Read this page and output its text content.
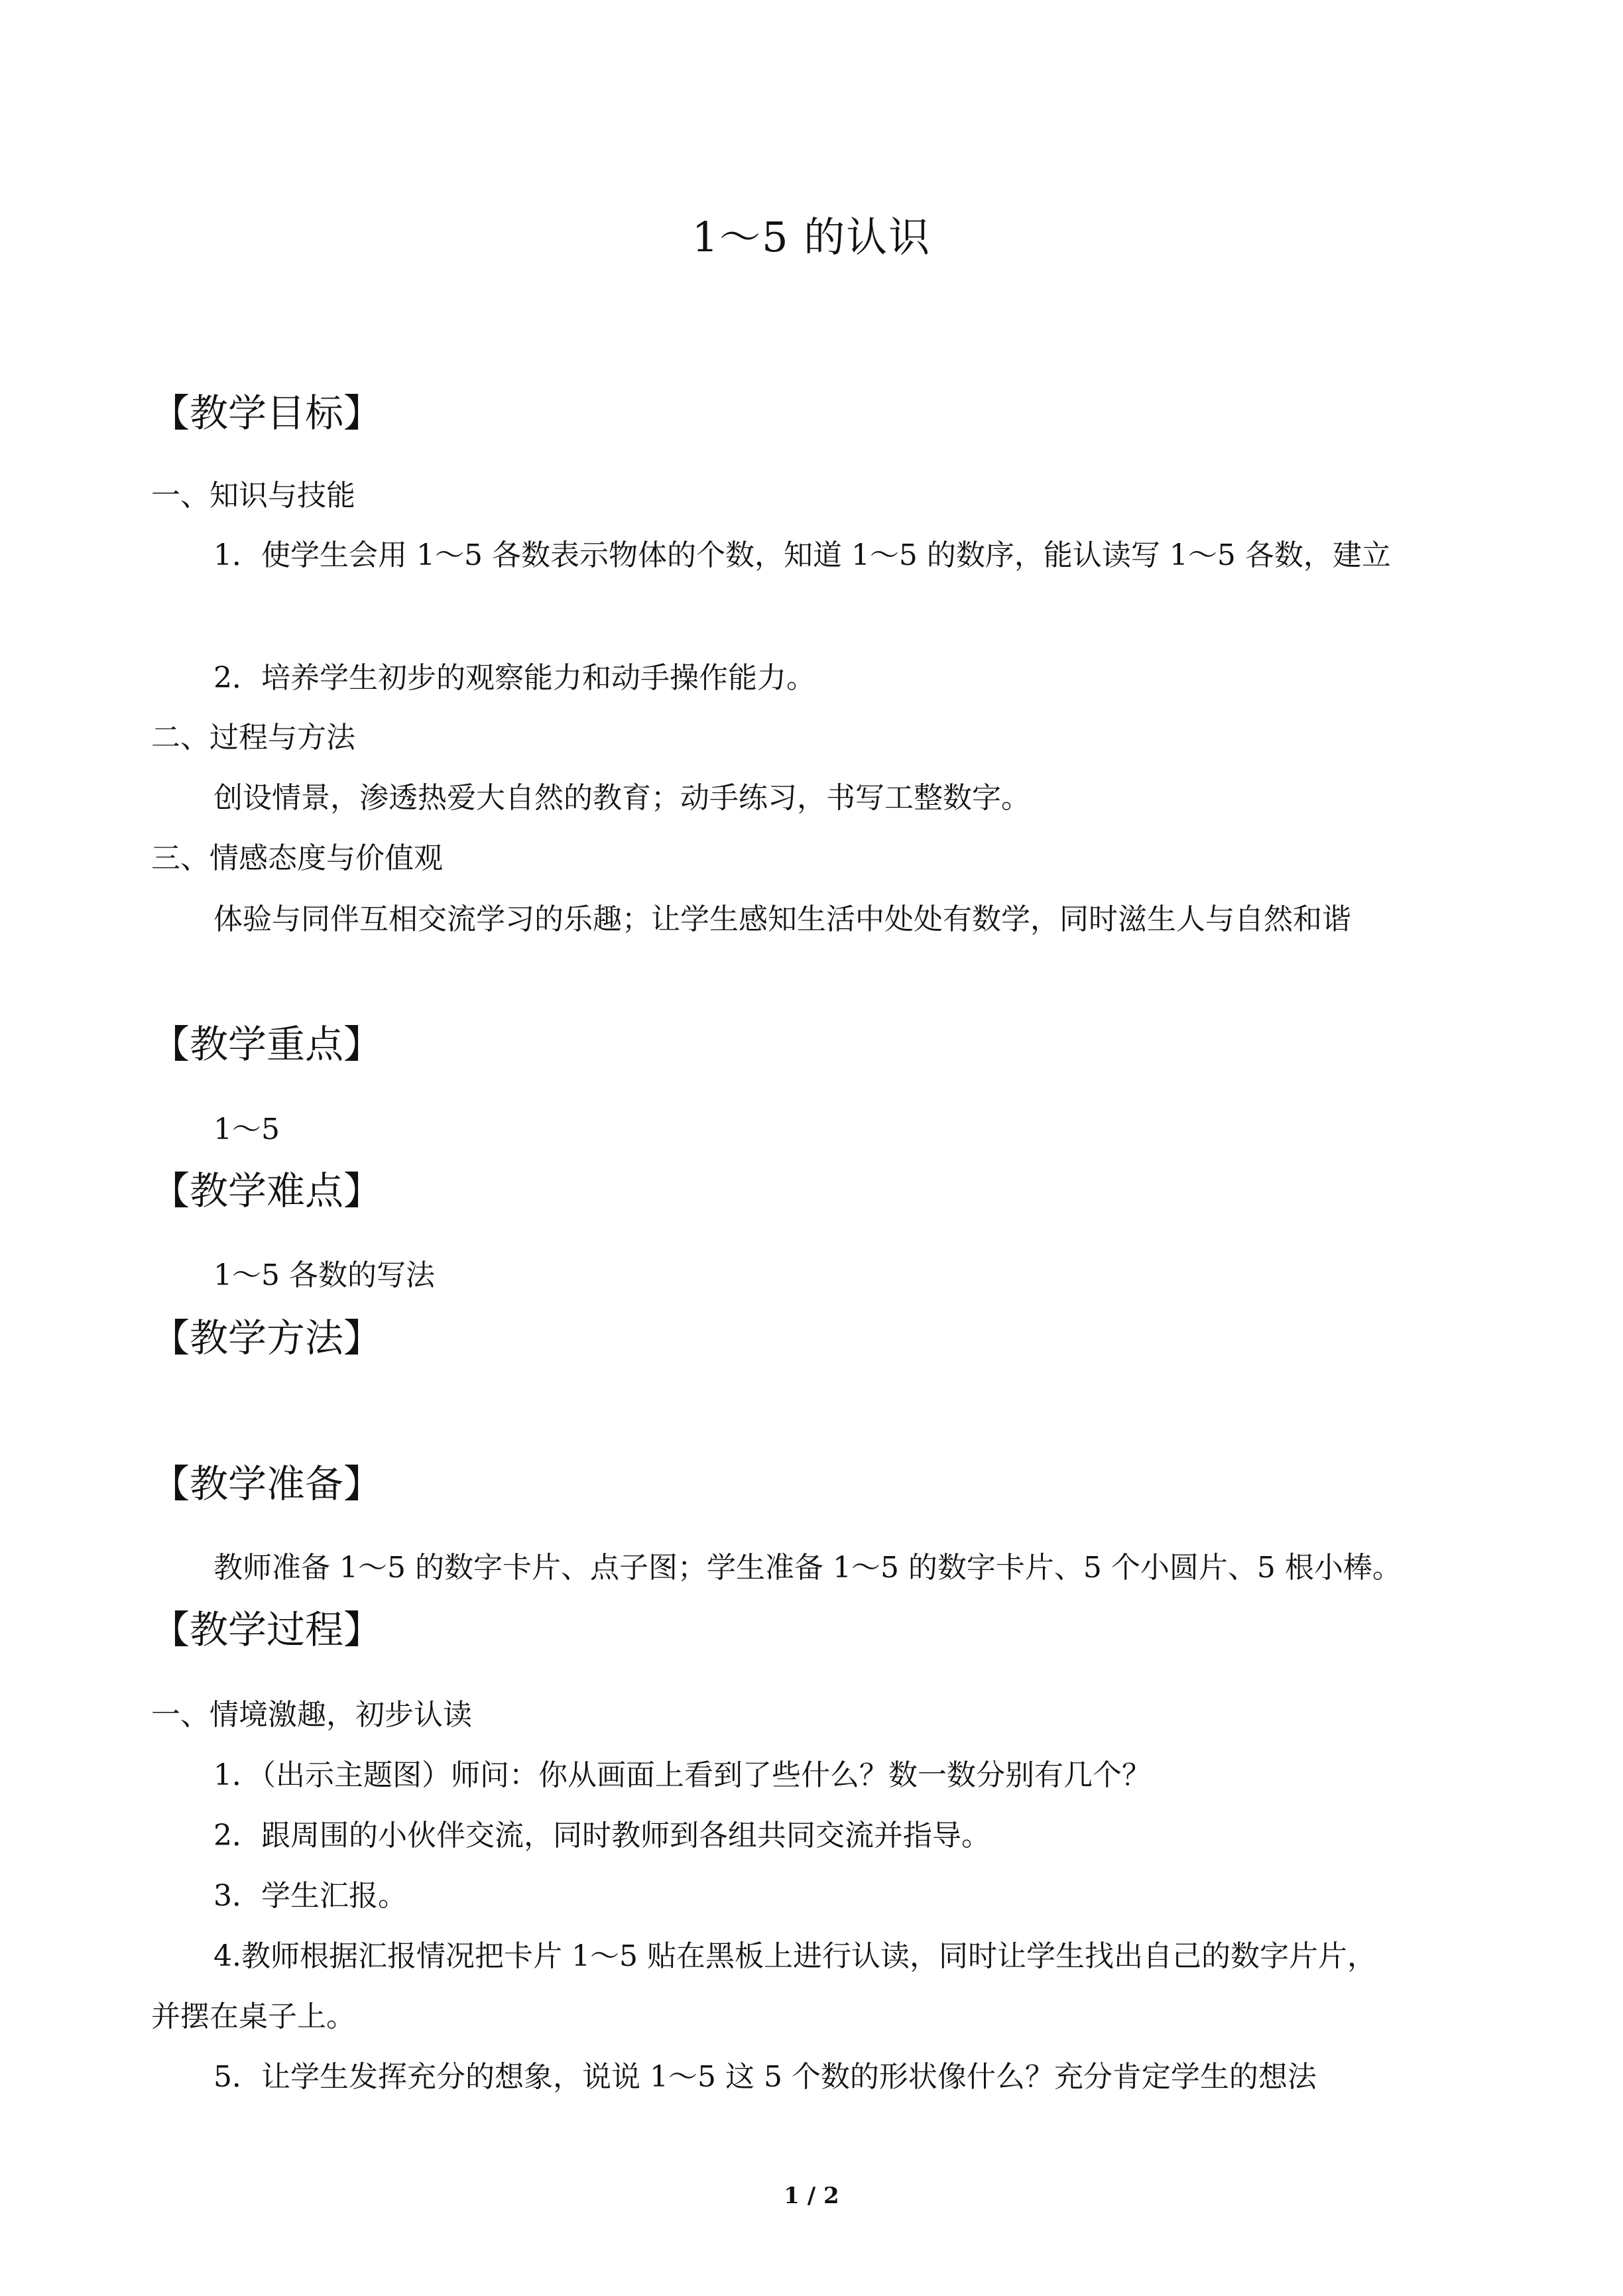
1～5 的认识
【教学目标】
一、知识与技能
1．使学生会用 1～5 各数表示物体的个数，知道 1～5 的数序，能认读写 1～5 各数，建立
2．培养学生初步的观察能力和动手操作能力。
二、过程与方法
创设情景，渗透热爱大自然的教育；动手练习，书写工整数字。
三、情感态度与价值观
体验与同伴互相交流学习的乐趣；让学生感知生活中处处有数学，同时滋生人与自然和谐
【教学重点】
1～5
【教学难点】
1～5 各数的写法
【教学方法】
【教学准备】
教师准备 1～5 的数字卡片、点子图；学生准备 1～5 的数字卡片、5 个小圆片、5 根小棒。
【教学过程】
一、情境激趣，初步认读
1．（出示主题图）师问：你从画面上看到了些什么？数一数分别有几个？
2．跟周围的小伙伴交流，同时教师到各组共同交流并指导。
3．学生汇报。
4.教师根据汇报情况把卡片 1～5 贴在黑板上进行认读，同时让学生找出自己的数字片片，
并摆在桌子上。
5．让学生发挥充分的想象，说说 1～5 这 5 个数的形状像什么？充分肯定学生的想法
1 / 2
